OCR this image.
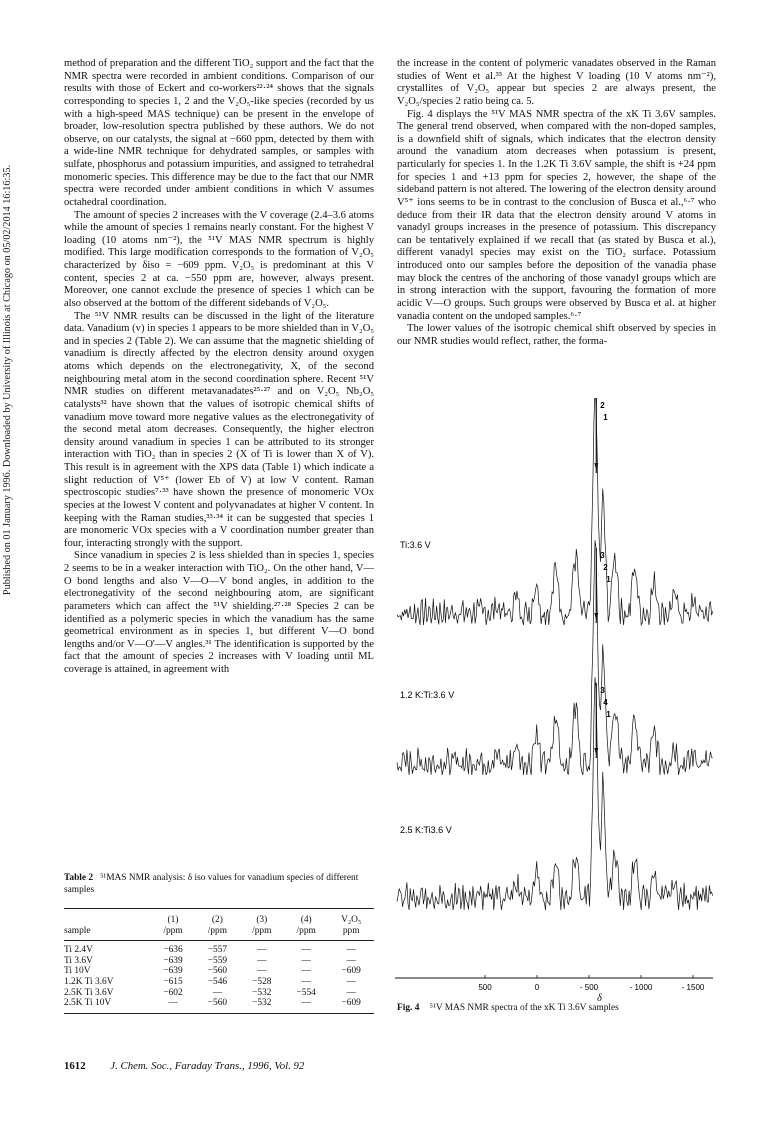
Published on 01 January 1996. Downloaded by University of Illinois at Chicago on 05/02/2014 16:16:35.

method of preparation and the different TiO₂ support and the fact that the NMR spectra were recorded in ambient conditions. Comparison of our results with those of Eckert and co-workers²²·²⁴ shows that the signals corresponding to species 1, 2 and the V₂O₅-like species (recorded by us with a high-speed MAS technique) can be present in the envelope of broader, low-resolution spectra published by these authors. We do not observe, on our catalysts, the signal at −660 ppm, detected by them with a wide-line NMR technique for dehydrated samples, or samples with sulfate, phosphorus and potassium impurities, and assigned to tetrahedral monomeric species. This difference may be due to the fact that our NMR spectra were recorded under ambient conditions in which V assumes octahedral coordination.

The amount of species 2 increases with the V coverage (2.4–3.6 atoms while the amount of species 1 remains nearly constant. For the highest V loading (10 atoms nm⁻²), the ⁵¹V MAS NMR spectrum is highly modified. This large modification corresponds to the formation of V₂O₅ characterized by δiso = −609 ppm. V₂O₅ is predominant at this V content, species 2 at ca. −550 ppm are, however, always present. Moreover, one cannot exclude the presence of species 1 which can be also observed at the bottom of the different sidebands of V₂O₅.

The ⁵¹V NMR results can be discussed in the light of the literature data. Vanadium (v) in species 1 appears to be more shielded than in V₂O₅ and in species 2 (Table 2). We can assume that the magnetic shielding of vanadium is directly affected by the electron density around oxygen atoms which depends on the electronegativity, X, of the second neighbouring metal atom in the second coordination sphere. Recent ⁵¹V NMR studies on different metavanadates²⁵·²⁷ and on V₂O₅ Nb₂O₅ catalysts³² have shown that the values of isotropic chemical shifts of vanadium move toward more negative values as the electronegativity of the second metal atom decreases. Consequently, the higher electron density around vanadium in species 1 can be attributed to its stronger interaction with TiO₂ than in species 2 (X of Ti is lower than X of V). This result is in agreement with the XPS data (Table 1) which indicate a slight reduction of V⁵⁺ (lower Eb of V) at low V content. Raman spectroscopic studies⁷·³³ have shown the presence of monomeric VOx species at the lowest V content and polyvanadates at higher V content. In keeping with the Raman studies,³³·³⁴ it can be suggested that species 1 are monomeric VOx species with a V coordination number greater than four, interacting strongly with the support.

Since vanadium in species 2 is less shielded than in species 1, species 2 seems to be in a weaker interaction with TiO₂. On the other hand, V—O bond lengths and also V—O—V bond angles, in addition to the electronegativity of the second neighbouring atom, are significant parameters which can affect the ⁵¹V shielding.²⁷·²⁸ Species 2 can be identified as a polymeric species in which the vanadium has the same geometrical environment as in species 1, but different V—O bond lengths and/or V—O'—V angles.³¹ The identification is supported by the fact that the amount of species 2 increases with V loading until ML coverage is attained, in agreement with

the increase in the content of polymeric vanadates observed in the Raman studies of Went et al.³³ At the highest V loading (10 V atoms nm⁻²), crystallites of V₂O₅ appear but species 2 are always present, the V₂O₅/species 2 ratio being ca. 5.

Fig. 4 displays the ⁵¹V MAS NMR spectra of the xK Ti 3.6V samples. The general trend observed, when compared with the non-doped samples, is a downfield shift of signals, which indicates that the electron density around the vanadium atom decreases when potassium is present, particularly for species 1. In the 1.2K Ti 3.6V sample, the shift is +24 ppm for species 1 and +13 ppm for species 2, however, the shape of the sideband pattern is not altered. The lowering of the electron density around V⁵⁺ ions seems to be in contrast to the conclusion of Busca et al.,⁶·⁷ who deduce from their IR data that the electron density around V atoms in vanadyl groups increases in the presence of potassium. This discrepancy can be tentatively explained if we recall that (as stated by Busca et al.), different vanadyl species may exist on the TiO₂ surface. Potassium introduced onto our samples before the deposition of the vanadia phase may block the centres of the anchoring of those vanadyl groups which are in strong interaction with the support, favouring the formation of more acidic V—O groups. Such groups were observed by Busca et al. at higher vanadia content on the undoped samples.⁶·⁷

The lower values of the isotropic chemical shift observed by species in our NMR studies would reflect, rather, the forma-

Table 2 ⁵¹MAS NMR analysis: δ iso values for vanadium species of different samples
	(1)	(2)	(3)	(4)	V₂O₅
sample	/ppm	/ppm	/ppm	/ppm	ppm
Ti 2.4V	−636	−557	—	—	—
Ti 3.6V	−639	−559	—	—	—
Ti 10V	−639	−560	—	—	−609
1.2K Ti 3.6V	−615	−546	−528	—	—
2.5K Ti 3.6V	−602	—	−532	−554	—
2.5K Ti 10V	—	−560	−532	—	−609
Ti:3.6 V
2
1
1.2 K:Ti:3.6 V
3
2
1
2.5 K:Ti3.6 V
3
4
1
500	0	- 500	- 1000	- 1500
δ
Fig. 4 ⁵¹V MAS NMR spectra of the xK Ti 3.6V samples
1612 J. Chem. Soc., Faraday Trans., 1996, Vol. 92
